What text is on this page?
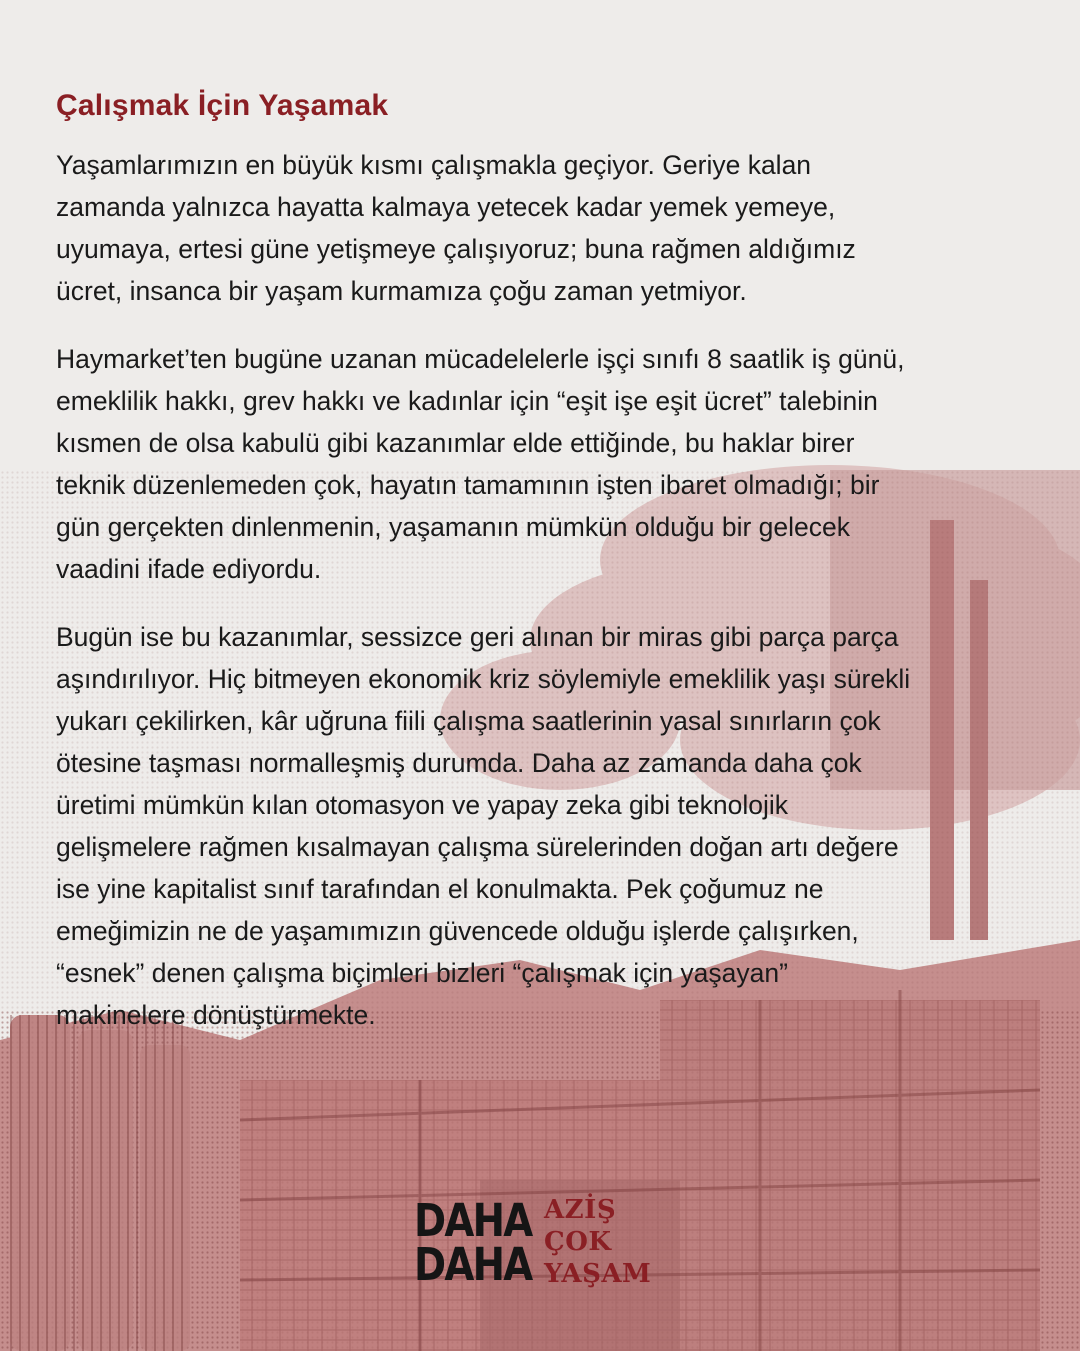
Çalışmak İçin Yaşamak

Yaşamlarımızın en büyük kısmı çalışmakla geçiyor. Geriye kalan
zamanda yalnızca hayatta kalmaya yetecek kadar yemek yemeye,
uyumaya, ertesi güne yetişmeye çalışıyoruz; buna rağmen aldığımız
ücret, insanca bir yaşam kurmamıza çoğu zaman yetmiyor.

Haymarket’ten bugüne uzanan mücadelelerle işçi sınıfı 8 saatlik iş günü,
emeklilik hakkı, grev hakkı ve kadınlar için “eşit işe eşit ücret” talebinin
kısmen de olsa kabulü gibi kazanımlar elde ettiğinde, bu haklar birer
teknik düzenlemeden çok, hayatın tamamının işten ibaret olmadığı; bir
gün gerçekten dinlenmenin, yaşamanın mümkün olduğu bir gelecek
vaadini ifade ediyordu.

Bugün ise bu kazanımlar, sessizce geri alınan bir miras gibi parça parça
aşındırılıyor. Hiç bitmeyen ekonomik kriz söylemiyle emeklilik yaşı sürekli
yukarı çekilirken, kâr uğruna fiili çalışma saatlerinin yasal sınırların çok
ötesine taşması normalleşmiş durumda. Daha az zamanda daha çok
üretimi mümkün kılan otomasyon ve yapay zeka gibi teknolojik
gelişmelere rağmen kısalmayan çalışma sürelerinden doğan artı değere
ise yine kapitalist sınıf tarafından el konulmakta. Pek çoğumuz ne
emeğimizin ne de yaşamımızın güvencede olduğu işlerde çalışırken,
“esnek” denen çalışma biçimleri bizleri “çalışmak için yaşayan”
makinelere dönüştürmekte.

DAHA
DAHA
AZİŞ
ÇOK
YAŞAM
